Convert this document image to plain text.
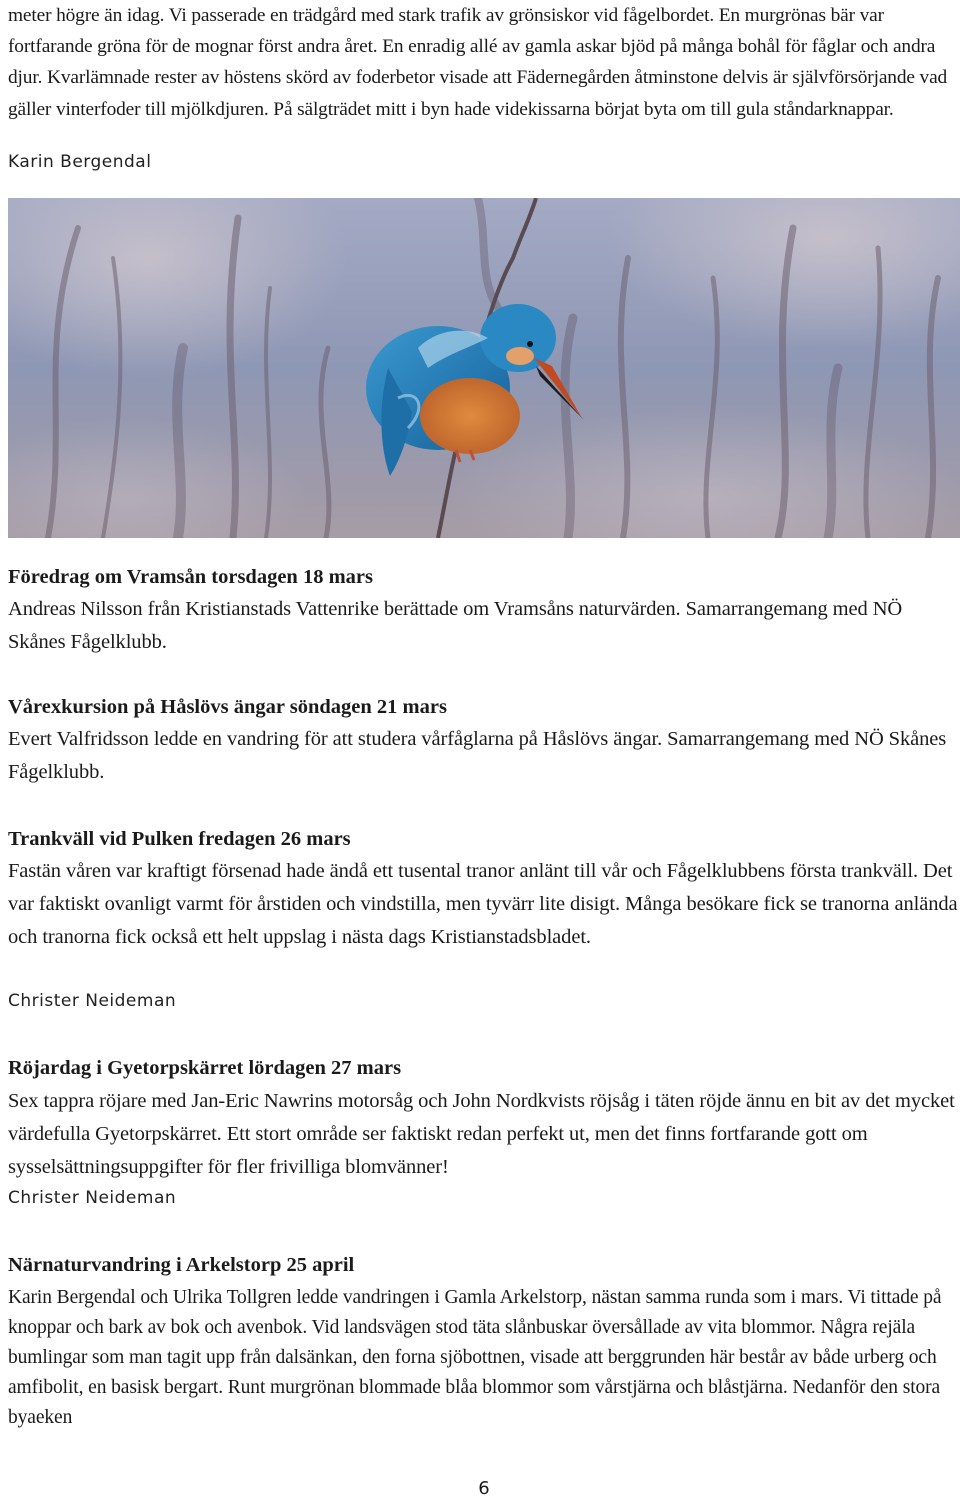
meter högre än idag. Vi passerade en trädgård med stark trafik av grönsiskor vid fågelbordet. En murgrönas bär var fortfarande gröna för de mognar först andra året. En enradig allé av gamla askar bjöd på många bohål för fåglar och andra djur. Kvarlämnade rester av höstens skörd av foderbetor visade att Fädernegården åtminstone delvis är självförsörjande vad gäller vinterfoder till mjölkdjuren. På sälgträdet mitt i byn hade videkissarna börjat byta om till gula ståndarknappar.

Karin Bergendal
Föredrag om Vramsån torsdagen 18 mars

Andreas Nilsson från Kristianstads Vattenrike berättade om Vramsåns naturvärden. Samarrangemang med NÖ Skånes Fågelklubb.

Vårexkursion på Håslövs ängar söndagen 21 mars

Evert Valfridsson ledde en vandring för att studera vårfåglarna på Håslövs ängar. Samarrangemang med NÖ Skånes Fågelklubb.

Trankväll vid Pulken fredagen 26 mars

Fastän våren var kraftigt försenad hade ändå ett tusental tranor anlänt till vår och Fågelklubbens första trankväll. Det var faktiskt ovanligt varmt för årstiden och vindstilla, men tyvärr lite disigt. Många besökare fick se tranorna anlända och tranorna fick också ett helt uppslag i nästa dags Kristianstadsbladet.

Christer Neideman
Röjardag i Gyetorpskärret lördagen 27 mars

Sex tappra röjare med Jan-Eric Nawrins motorsåg och John Nordkvists röjsåg i täten röjde ännu en bit av det mycket värdefulla Gyetorpskärret. Ett stort område ser faktiskt redan perfekt ut, men det finns fortfarande gott om sysselsättningsuppgifter för fler frivilliga blomvänner!

Christer Neideman
Närnaturvandring i Arkelstorp 25 april

Karin Bergendal och Ulrika Tollgren ledde vandringen i Gamla Arkelstorp, nästan samma runda som i mars. Vi tittade på knoppar och bark av bok och avenbok. Vid landsvägen stod täta slånbuskar översållade av vita blommor. Några rejäla bumlingar som man tagit upp från dalsänkan, den forna sjöbottnen, visade att berggrunden här består av både urberg och amfibolit, en basisk bergart. Runt murgrönan blommade blåa blommor som vårstjärna och blåstjärna. Nedanför den stora byaeken

6
